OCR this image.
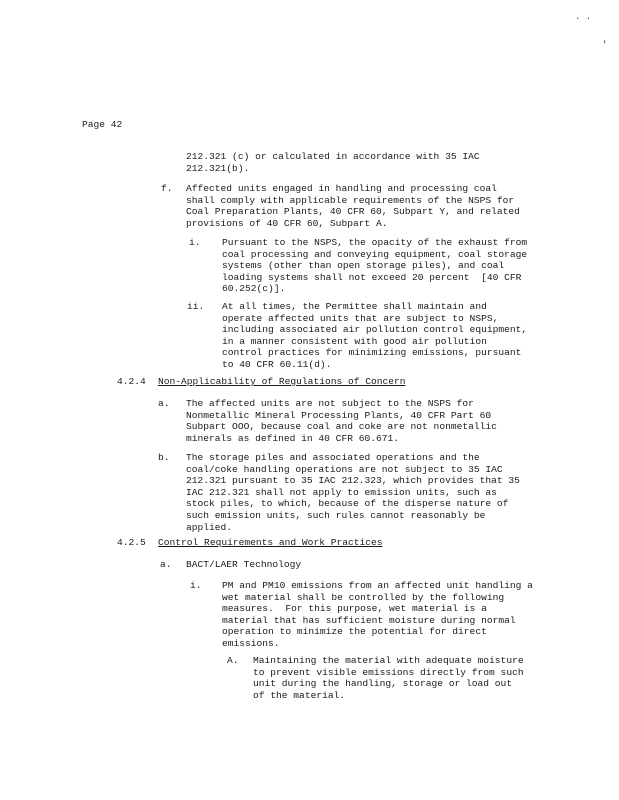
· ·
'
Page 42
212.321 (c) or calculated in accordance with 35 IAC
212.321(b).
f. Affected units engaged in handling and processing coal
shall comply with applicable requirements of the NSPS for
Coal Preparation Plants, 40 CFR 60, Subpart Y, and related
provisions of 40 CFR 60, Subpart A.
i. Pursuant to the NSPS, the opacity of the exhaust from
coal processing and conveying equipment, coal storage
systems (other than open storage piles), and coal
loading systems shall not exceed 20 percent  [40 CFR
60.252(c)].
ii. At all times, the Permittee shall maintain and
operate affected units that are subject to NSPS,
including associated air pollution control equipment,
in a manner consistent with good air pollution
control practices for minimizing emissions, pursuant
to 40 CFR 60.11(d).
4.2.4 Non-Applicability of Regulations of Concern
a. The affected units are not subject to the NSPS for
Nonmetallic Mineral Processing Plants, 40 CFR Part 60
Subpart OOO, because coal and coke are not nonmetallic
minerals as defined in 40 CFR 60.671.
b. The storage piles and associated operations and the
coal/coke handling operations are not subject to 35 IAC
212.321 pursuant to 35 IAC 212.323, which provides that 35
IAC 212.321 shall not apply to emission units, such as
stock piles, to which, because of the disperse nature of
such emission units, such rules cannot reasonably be
applied.
4.2.5 Control Requirements and Work Practices
a. BACT/LAER Technology
i. PM and PM10 emissions from an affected unit handling a
wet material shall be controlled by the following
measures.  For this purpose, wet material is a
material that has sufficient moisture during normal
operation to minimize the potential for direct
emissions.
A. Maintaining the material with adequate moisture
to prevent visible emissions directly from such
unit during the handling, storage or load out
of the material.
